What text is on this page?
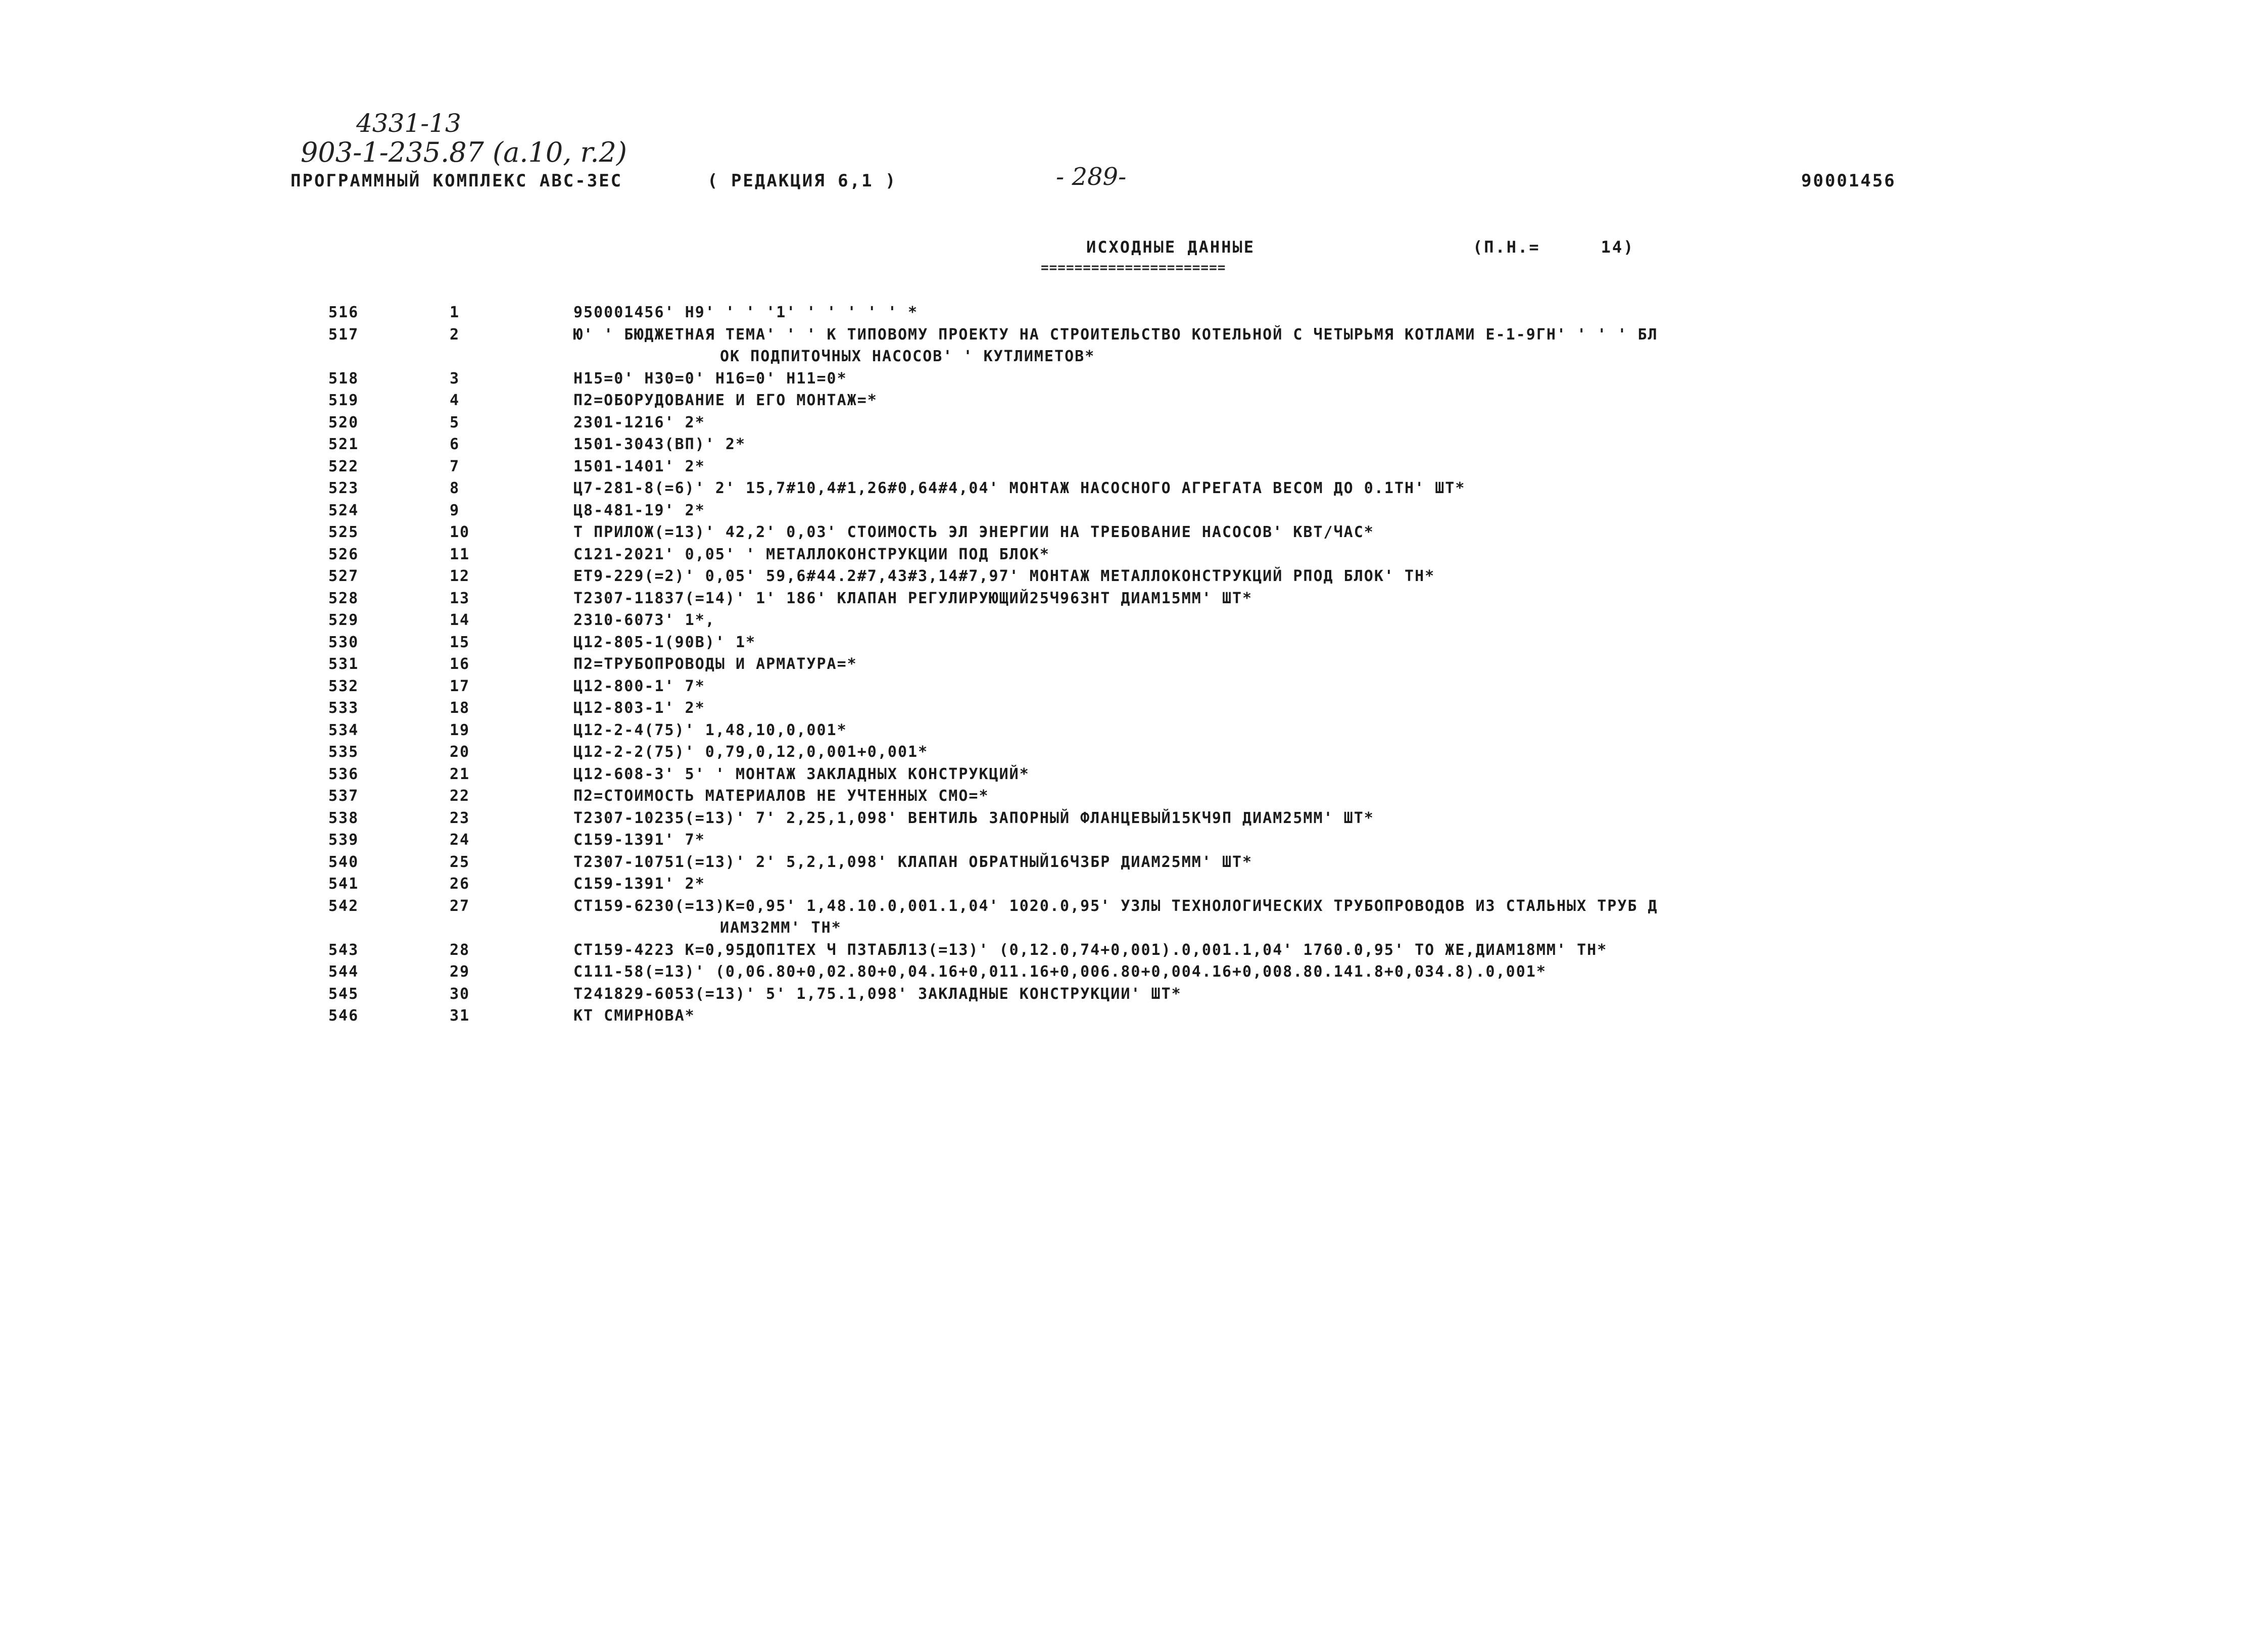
4331-13
903-1-235.87 (a.10, r.2)
- 289-
ПРОГРАММНЫЙ КОМПЛЕКС АВС-3ЕС	( РЕДАКЦИЯ 6,1 )	90001456
ИСХОДНЫЕ ДАННЫЕ	(П.Н.=	14)
======================
516	1	950001456' Н9' ' ' '1' ' ' ' ' ' *
517	2	Ю' ' БЮДЖЕТНАЯ ТЕМА' ' ' К ТИПОВОМУ ПРОЕКТУ НА СТРОИТЕЛЬСТВО КОТЕЛЬНОЙ С ЧЕТЫРЬМЯ КОТЛАМИ Е-1-9ГН' ' ' ' БЛ
ОК ПОДПИТОЧНЫХ НАСОСОВ' ' КУТЛИМЕТОВ*
518	3	Н15=0' Н30=0' Н16=0' Н11=0*
519	4	П2=ОБОРУДОВАНИЕ И ЕГО МОНТАЖ=*
520	5	2301-1216' 2*
521	6	1501-3043(ВП)' 2*
522	7	1501-1401' 2*
523	8	Ц7-281-8(=6)' 2' 15,7#10,4#1,26#0,64#4,04' МОНТАЖ НАСОСНОГО АГРЕГАТА ВЕСОМ ДО 0.1ТН' ШТ*
524	9	Ц8-481-19' 2*
525	10	Т ПРИЛОЖ(=13)' 42,2' 0,03' СТОИМОСТЬ ЭЛ ЭНЕРГИИ НА ТРЕБОВАНИЕ НАСОСОВ' КВТ/ЧАС*
526	11	С121-2021' 0,05' ' МЕТАЛЛОКОНСТРУКЦИИ ПОД БЛОК*
527	12	ЕТ9-229(=2)' 0,05' 59,6#44.2#7,43#3,14#7,97' МОНТАЖ МЕТАЛЛОКОНСТРУКЦИЙ РПОД БЛОК' ТН*
528	13	Т2307-11837(=14)' 1' 186' КЛАПАН РЕГУЛИРУЮЩИЙ25Ч963НТ ДИАМ15ММ' ШТ*
529	14	2310-6073' 1*,
530	15	Ц12-805-1(90В)' 1*
531	16	П2=ТРУБОПРОВОДЫ И АРМАТУРА=*
532	17	Ц12-800-1' 7*
533	18	Ц12-803-1' 2*
534	19	Ц12-2-4(75)' 1,48,10,0,001*
535	20	Ц12-2-2(75)' 0,79,0,12,0,001+0,001*
536	21	Ц12-608-3' 5' ' МОНТАЖ ЗАКЛАДНЫХ КОНСТРУКЦИЙ*
537	22	П2=СТОИМОСТЬ МАТЕРИАЛОВ НЕ УЧТЕННЫХ СМО=*
538	23	Т2307-10235(=13)' 7' 2,25,1,098' ВЕНТИЛЬ ЗАПОРНЫЙ ФЛАНЦЕВЫЙ15КЧ9П ДИАМ25ММ' ШТ*
539	24	С159-1391' 7*
540	25	Т2307-10751(=13)' 2' 5,2,1,098' КЛАПАН ОБРАТНЫЙ16Ч3БР ДИАМ25ММ' ШТ*
541	26	С159-1391' 2*
542	27	СТ159-6230(=13)К=0,95' 1,48.10.0,001.1,04' 1020.0,95' УЗЛЫ ТЕХНОЛОГИЧЕСКИХ ТРУБОПРОВОДОВ ИЗ СТАЛЬНЫХ ТРУБ Д
ИАМ32ММ' ТН*
543	28	СТ159-4223 К=0,95ДОП1ТЕХ Ч П3ТАБЛ13(=13)' (0,12.0,74+0,001).0,001.1,04' 1760.0,95' ТО ЖЕ,ДИАМ18ММ' ТН*
544	29	С111-58(=13)' (0,06.80+0,02.80+0,04.16+0,011.16+0,006.80+0,004.16+0,008.80.141.8+0,034.8).0,001*
545	30	Т241829-6053(=13)' 5' 1,75.1,098' ЗАКЛАДНЫЕ КОНСТРУКЦИИ' ШТ*
546	31	КТ СМИРНОВА*
